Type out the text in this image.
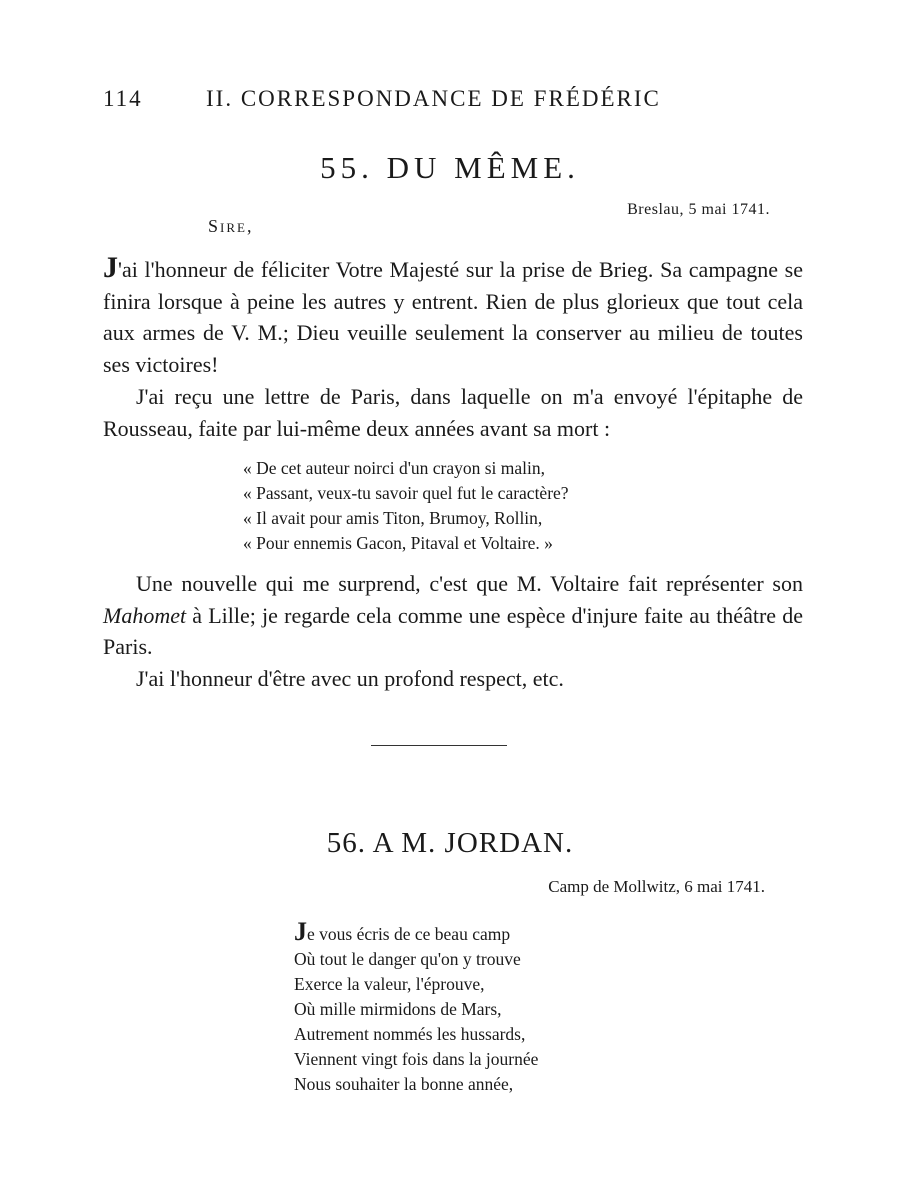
114	II. CORRESPONDANCE DE FRÉDÉRIC
55. DU MÊME.
Breslau, 5 mai 1741.
Sire,

J'ai l'honneur de féliciter Votre Majesté sur la prise de Brieg. Sa campagne se finira lorsque à peine les autres y entrent. Rien de plus glorieux que tout cela aux armes de V. M.; Dieu veuille seulement la conserver au milieu de toutes ses victoires!

J'ai reçu une lettre de Paris, dans laquelle on m'a envoyé l'épitaphe de Rousseau, faite par lui-même deux années avant sa mort :

« De cet auteur noirci d'un crayon si malin,
« Passant, veux-tu savoir quel fut le caractère?
« Il avait pour amis Titon, Brumoy, Rollin,
« Pour ennemis Gacon, Pitaval et Voltaire. »

Une nouvelle qui me surprend, c'est que M. Voltaire fait représenter son Mahomet à Lille; je regarde cela comme une espèce d'injure faite au théâtre de Paris.

J'ai l'honneur d'être avec un profond respect, etc.

56. A M. JORDAN.
Camp de Mollwitz, 6 mai 1741.
Je vous écris de ce beau camp
Où tout le danger qu'on y trouve
Exerce la valeur, l'éprouve,
Où mille mirmidons de Mars,
Autrement nommés les hussards,
Viennent vingt fois dans la journée
Nous souhaiter la bonne année,
